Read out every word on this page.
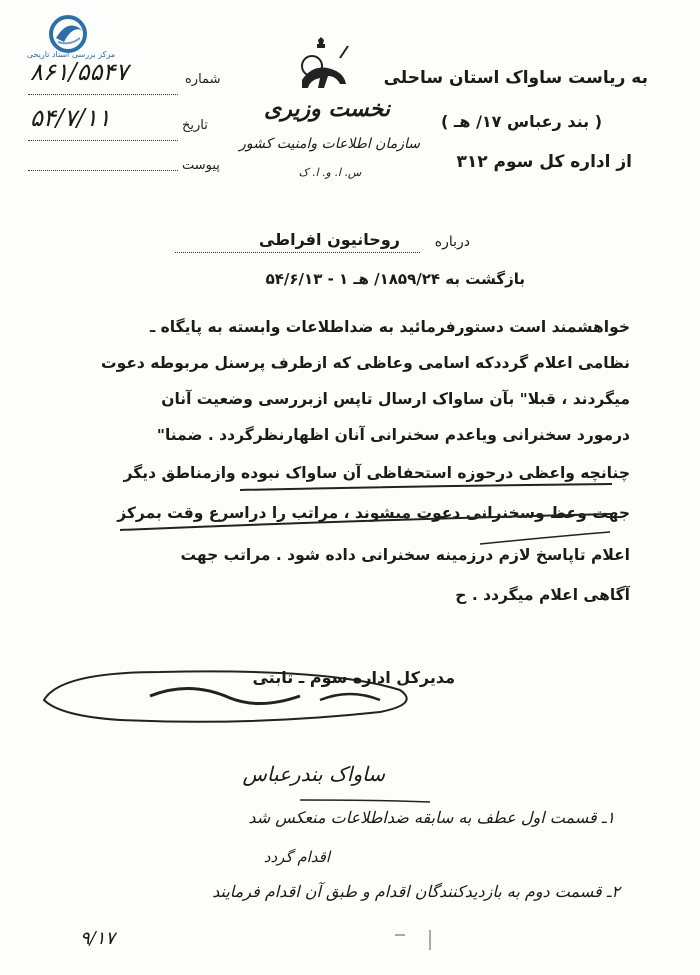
مرکز بررسی اسناد تاریخی
شماره
۸۶۱/۵۵۴۷
تاریخ
۵۴/۷/۱۱
پیوست
نخست وزیری
سازمان اطلاعات وامنیت کشور
س. ا. و. ا. ک
به ریاست ساواک استان ساحلی
( بند رعباس ۱۷/ هـ )
از اداره کل سوم ۳۱۲
درباره
روحانیون افراطی
بازگشت به ۱۸۵۹/۲۴/ هـ ۱ - ۵۴/۶/۱۳
خواهشمند است دستورفرمائید به ضداطلاعات وابسته به پایگاه ـ
نظامی اعلام گرددکه اسامی وعاظی که ازطرف پرسنل مربوطه دعوت
میگردند ، قبلا" بآن ساواک ارسال تاپس ازبررسی وضعیت آنان
درمورد سخنرانی ویاعدم سخنرانی آنان اظهارنظرگردد . ضمنا"
چنانچه واعظی درحوزه استحفاظی آن ساواک نبوده وازمناطق دیگر
جهت وعظ وسخنرانی دعوت میشوند ، مراتب را دراسرع وقت بمرکز
اعلام تاپاسخ لازم درزمینه سخنرانی داده شود . مراتب جهت
آگاهی اعلام میگردد . ح
مدیرکل اداره سوم ـ ثابتی
ساواک بندرعباس
۱ـ قسمت اول عطف به سابقه ضداطلاعات منعکس شد
اقدام گردد
۲ـ قسمت دوم به بازدیدکنندگان اقدام و طبق آن اقدام فرمایند
۹/۱۷
